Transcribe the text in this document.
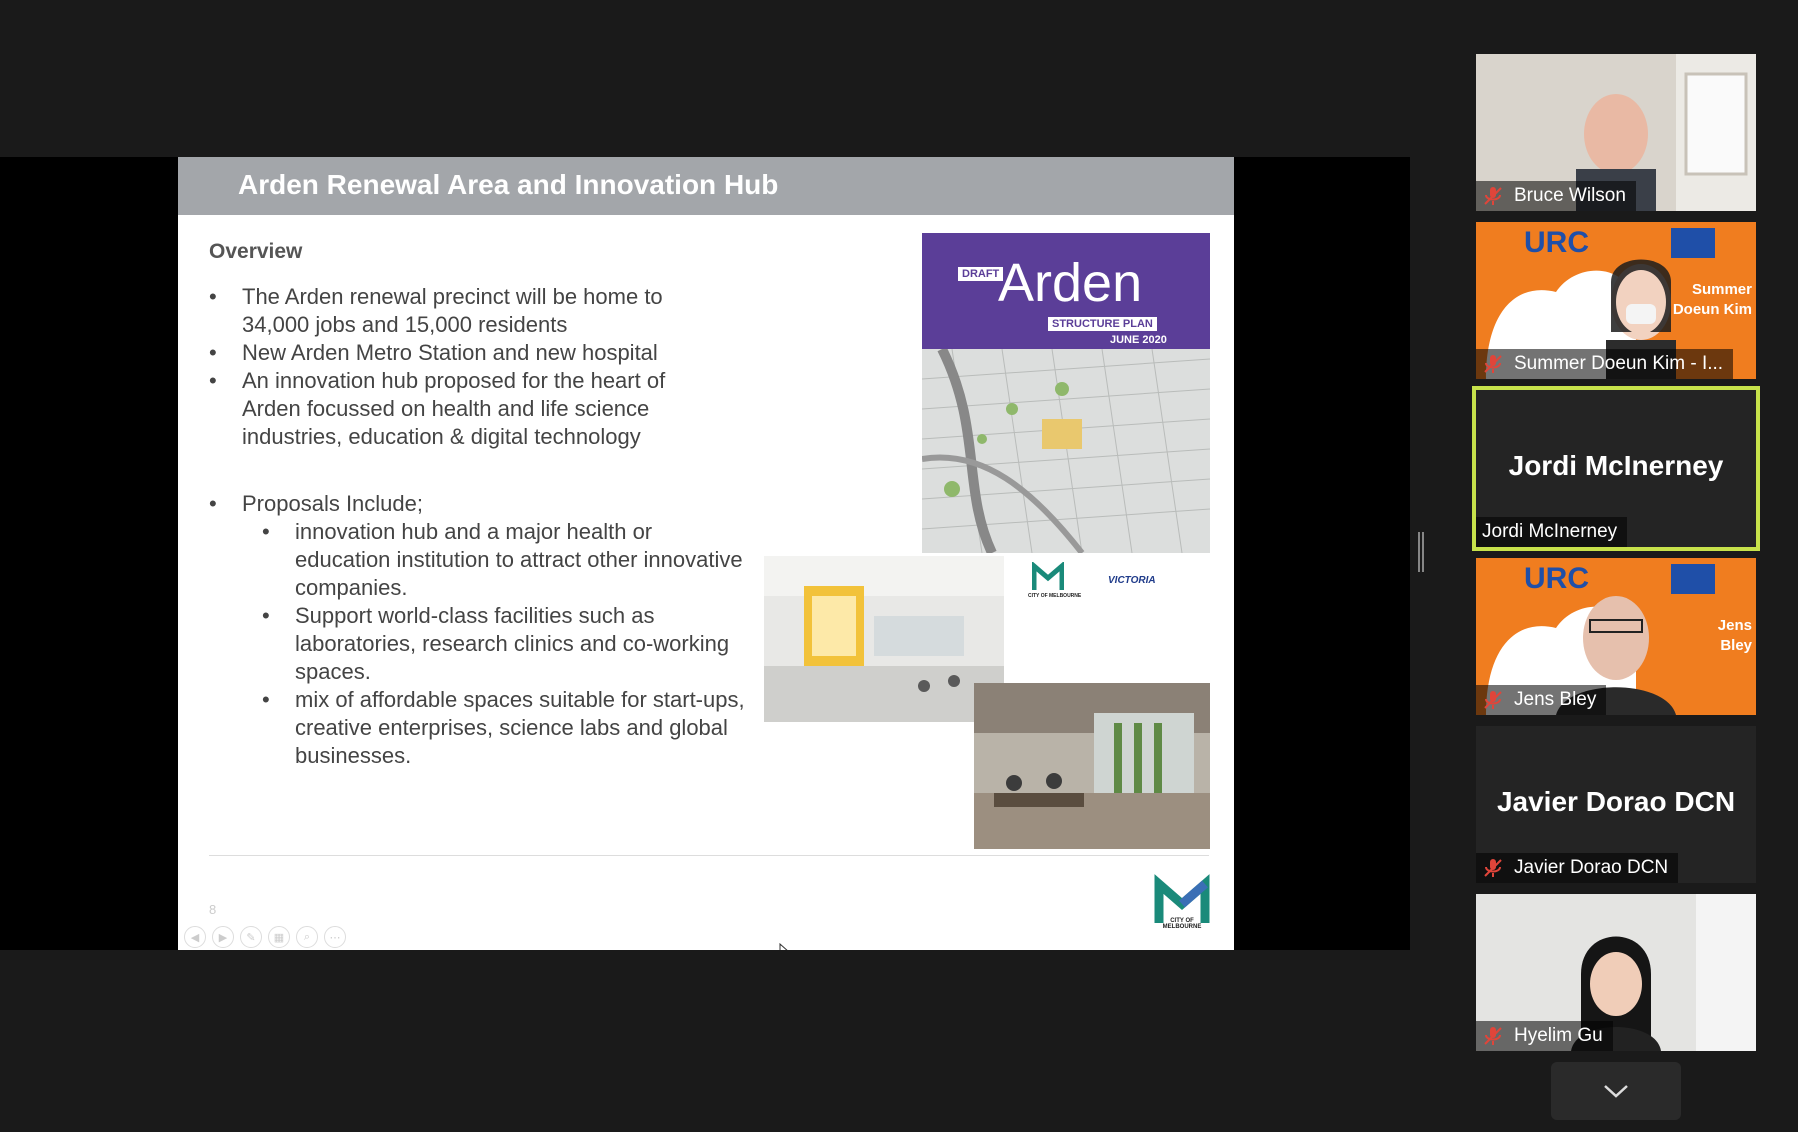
Arden Renewal Area and Innovation Hub
Overview
• The Arden renewal precinct will be home to 34,000 jobs and 15,000 residents
• New Arden Metro Station and new hospital
• An innovation hub proposed for the heart of Arden focussed on health and life science industries, education & digital technology
• Proposals Include;
• innovation hub and a major health or education institution to attract other innovative companies.
• Support world-class facilities such as laboratories, research clinics and co-working spaces.
• mix of affordable spaces suitable for start-ups, creative enterprises, science labs and global businesses.
DRAFT
Arden
STRUCTURE PLAN
JUNE 2020
CITY OF MELBOURNE
VICTORIA
8
◀	▶	✎	▦	⌕	⋯
CITY OF MELBOURNE
Bruce Wilson
URC
Summer Doeun Kim
Summer Doeun Kim - I...
Jordi McInerney
Jordi McInerney
URC
Jens Bley
Jens Bley
Javier Dorao DCN
Javier Dorao DCN
Hyelim Gu
